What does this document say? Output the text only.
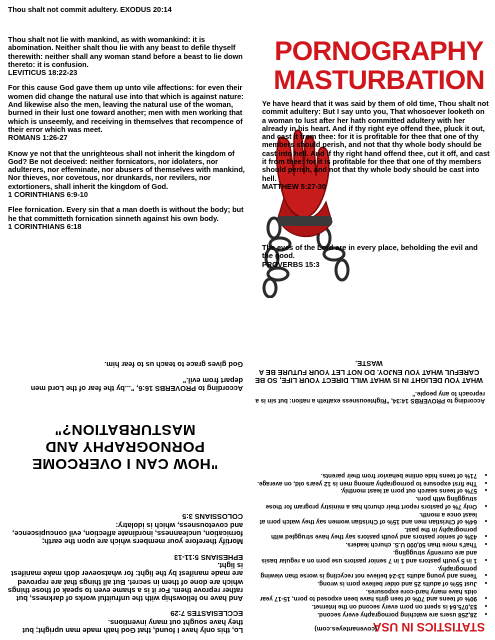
Thou shalt not commit adultery. EXODUS 20:14

Thou shalt not lie with mankind, as with womankind: it is abomination. Neither shalt thou lie with any beast to defile thyself therewith: neither shall any woman stand before a beast to lie down thereto: it is confusion.

LEVITICUS 18:22-23

For this cause God gave them up unto vile affections: for even their women did change the natural use into that which is against nature: And likewise also the men, leaving the natural use of the woman, burned in their lust one toward another; men with men working that which is unseemly, and receiving in themselves that recompence of their error which was meet.

ROMANS 1:26-27

Know ye not that the unrighteous shall not inherit the kingdom of God? Be not deceived: neither fornicators, nor idolaters, nor adulterers, nor effeminate, nor abusers of themselves with mankind, Nor thieves, nor covetous, nor drunkards, nor revilers, nor extortioners, shall inherit the kingdom of God.

1 CORINTHIANS 6:9-10

Flee fornication. Every sin that a man doeth is without the body; but he that committeth fornication sinneth against his own body.

1 CORINTHIANS 6:18

PORNOGRAPHY
MASTURBATION

Ye have heard that it was said by them of old time, Thou shalt not commit adultery: But I say unto you, That whosoever looketh on a woman to lust after her hath committed adultery with her already in his heart. And if thy right eye offend thee, pluck it out, and cast it from thee: for it is profitable for thee that one of thy members should perish, and not that thy whole body should be cast into hell. And if thy right hand offend thee, cut it off, and cast it from thee: for it is profitable for thee that one of thy members should perish, and not that thy whole body should be cast into hell.

MATTHEW 5:27-30

The eyes of the Lord are in every place, beholding the evil and the good.

PROVERBS 15:3

STATISTICS IN USA
(covenanteyes.com)
• 28,258 users are watching pornography every second.
• $3,075.64 is spent on porn every second on the Internet.
• 90% of teens and 70% of teen girls have been exposed to porn, 15-17 year olds have many hard-core exposures.
• Just 55% of adults 25 and older believe porn is wrong.
• Teens and young adults 13-24 believe not recycling is worse than viewing pornography.
• 1 in 5 youth pastors and 1 in 7 senior pastors use porn on a regular basis and are currently struggling.
• That's more than 50,000 U.S. church leaders.
• 43% of senior pastors and youth pastors say they have struggled with pornography in the past.
• 64% of Christian men and 15% of Christian women say they watch porn at least once a month.
• Only 7% of pastors report their church has a ministry program for those struggling with porn.
• 57% of teens search out porn at least monthly.
• The first exposure to pornography among men is 12 years old, on average.
• 71% of teens hide online behavior from their parents.
According to PROVERBS 14:34, "Righteousness exalteth a nation: but sin is a reproach to any people."
WHAT YOU DELIGHT IN IS WHAT WILL DIRECT YOUR LIFE, SO BE CAREFUL WHAT YOU ENJOY. DO NOT LET YOUR FUTURE BE A WASTE.

Lo, this only have I found, that God hath made man upright; but they have sought out many inventions.

ECCLESIASTES 7:29

And have no fellowship with the unfruitful works of darkness, but rather reprove them. For it is a shame even to speak of those things which are done of them in secret. But all things that are reproved are made manifest by the light: for whatsoever doth make manifest is light.

EPHESIANS 5:11-13

Mortify therefore your members which are upon the earth; fornication, uncleanness, inordinate affection, evil concupiscence, and covetousness, which is idolatry:

COLOSSIANS 3:5

"HOW CAN I OVERCOME PORNOGRAPHY AND MASTURBATION?"

According to PROVERBS 16:6, "...by the fear of the Lord men depart from evil."

God gives grace to teach us to fear him.
